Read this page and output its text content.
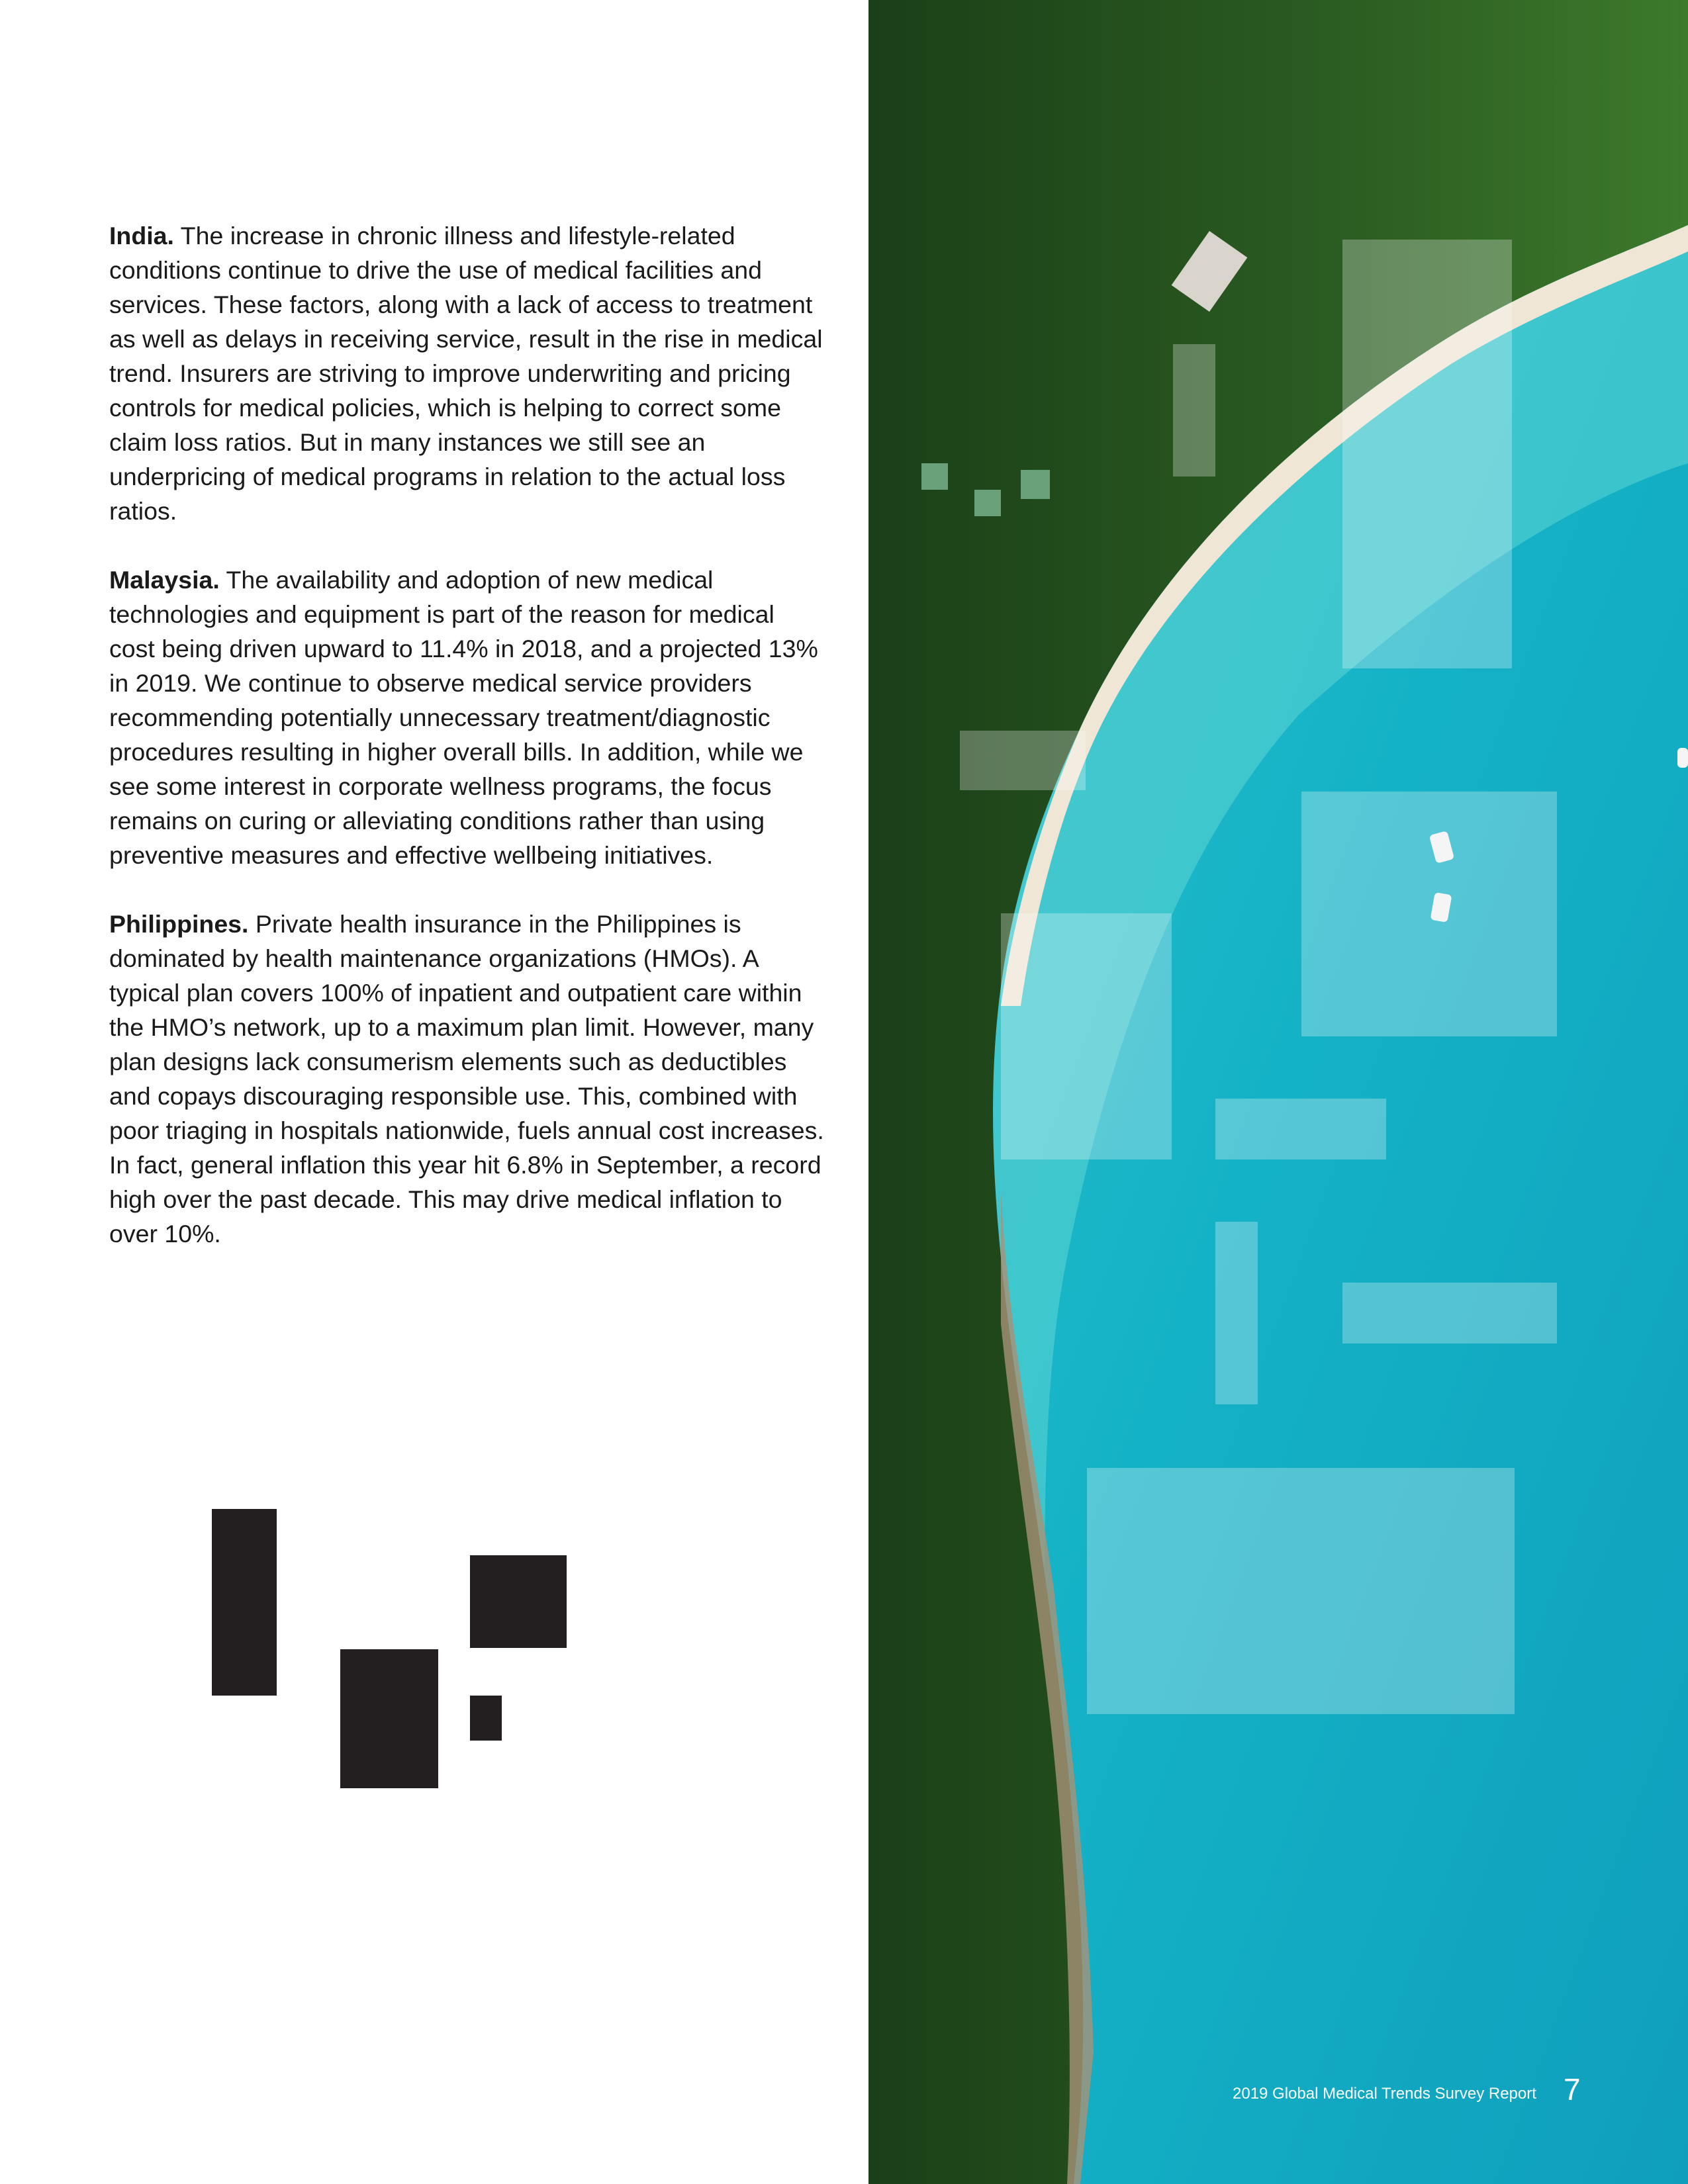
India. The increase in chronic illness and lifestyle-related conditions continue to drive the use of medical facilities and services. These factors, along with a lack of access to treatment as well as delays in receiving service, result in the rise in medical trend. Insurers are striving to improve underwriting and pricing controls for medical policies, which is helping to correct some claim loss ratios. But in many instances we still see an underpricing of medical programs in relation to the actual loss ratios.

Malaysia. The availability and adoption of new medical technologies and equipment is part of the reason for medical cost being driven upward to 11.4% in 2018, and a projected 13% in 2019. We continue to observe medical service providers recommending potentially unnecessary treatment/diagnostic procedures resulting in higher overall bills. In addition, while we see some interest in corporate wellness programs, the focus remains on curing or alleviating conditions rather than using preventive measures and effective wellbeing initiatives.

Philippines. Private health insurance in the Philippines is dominated by health maintenance organizations (HMOs). A typical plan covers 100% of inpatient and outpatient care within the HMO’s network, up to a maximum plan limit. However, many plan designs lack consumerism elements such as deductibles and copays discouraging responsible use. This, combined with poor triaging in hospitals nationwide, fuels annual cost increases. In fact, general inflation this year hit 6.8% in September, a record high over the past decade. This may drive medical inflation to over 10%.

2019 Global Medical Trends Survey Report 7
